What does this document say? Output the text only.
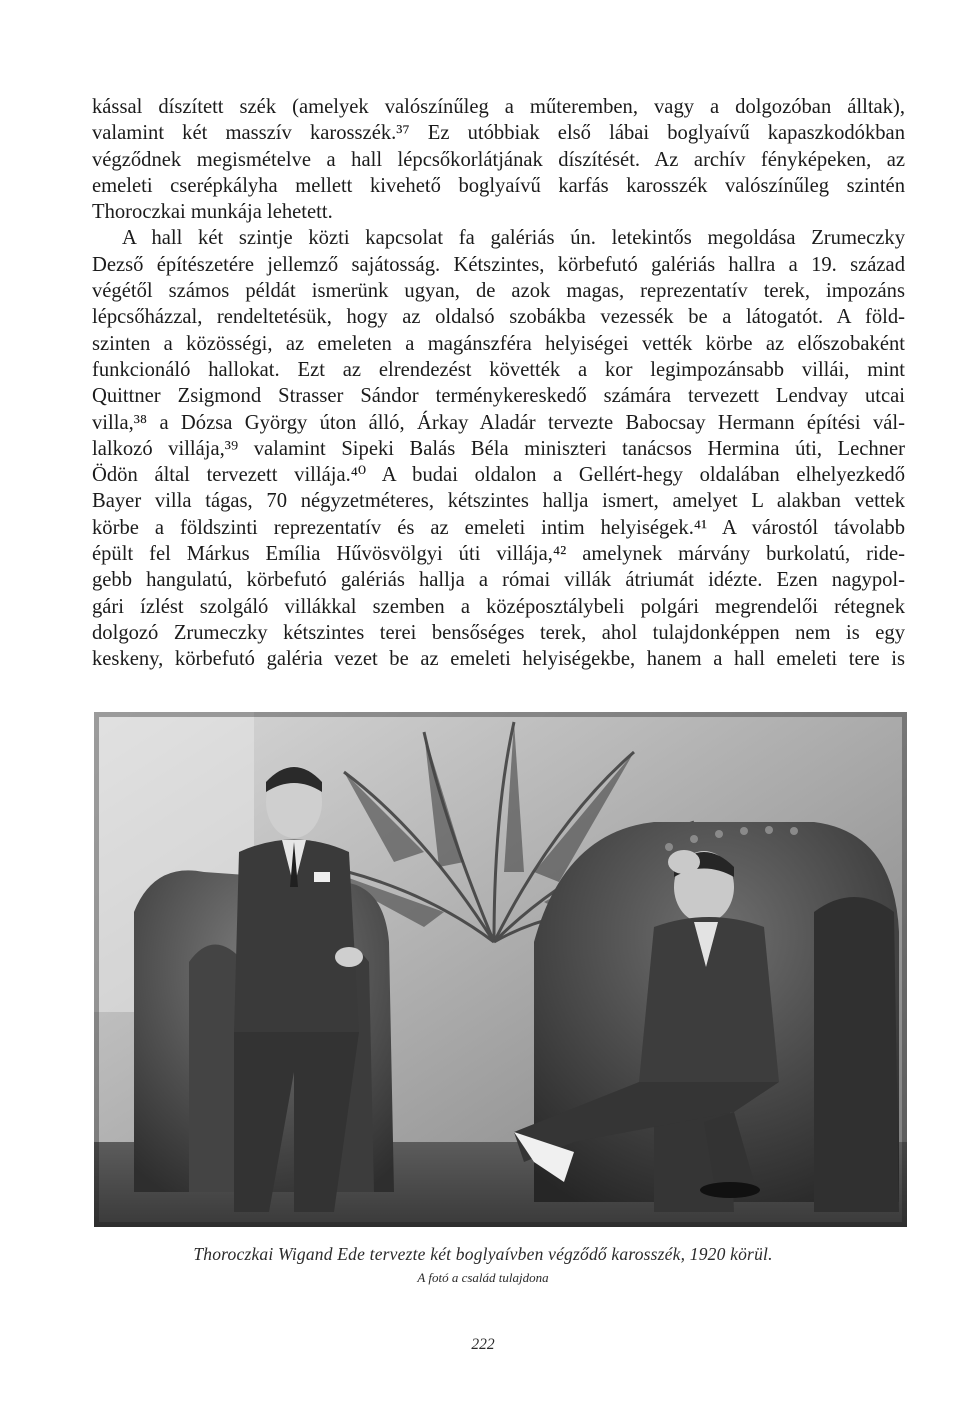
kással díszített szék (amelyek valószínűleg a műteremben, vagy a dolgozóban álltak),
valamint két masszív karosszék.³⁷ Ez utóbbiak első lábai boglyaívű kapaszkodókban
végződnek megismételve a hall lépcsőkorlátjának díszítését. Az archív fényképeken, az
emeleti cserépkályha mellett kivehető boglyaívű karfás karosszék valószínűleg szintén
Thoroczkai munkája lehetett.
A hall két szintje közti kapcsolat fa galériás ún. letekintős megoldása Zrumeczky
Dezső építészetére jellemző sajátosság. Kétszintes, körbefutó galériás hallra a 19. század
végétől számos példát ismerünk ugyan, de azok magas, reprezentatív terek, impozáns
lépcsőházzal, rendeltetésük, hogy az oldalsó szobákba vezessék be a látogatót. A föld-
szinten a közösségi, az emeleten a magánszféra helyiségei vették körbe az előszobaként
funkcionáló hallokat. Ezt az elrendezést követték a kor legimpozánsabb villái, mint
Quittner Zsigmond Strasser Sándor terménykereskedő számára tervezett Lendvay utcai
villa,³⁸ a Dózsa György úton álló, Árkay Aladár tervezte Babocsay Hermann építési vál-
lalkozó villája,³⁹ valamint Sipeki Balás Béla miniszteri tanácsos Hermina úti, Lechner
Ödön által tervezett villája.⁴⁰ A budai oldalon a Gellért-hegy oldalában elhelyezkedő
Bayer villa tágas, 70 négyzetméteres, kétszintes hallja ismert, amelyet L alakban vettek
körbe a földszinti reprezentatív és az emeleti intim helyiségek.⁴¹ A várostól távolabb
épült fel Márkus Emília Hűvösvölgyi úti villája,⁴² amelynek márvány burkolatú, ride-
gebb hangulatú, körbefutó galériás hallja a római villák átriumát idézte. Ezen nagypol-
gári ízlést szolgáló villákkal szemben a középosztálybeli polgári megrendelői rétegnek
dolgozó Zrumeczky kétszintes terei bensőséges terek, ahol tulajdonképpen nem is egy
keskeny, körbefutó galéria vezet be az emeleti helyiségekbe, hanem a hall emeleti tere is
Thoroczkai Wigand Ede tervezte két boglyaívben végződő karosszék, 1920 körül.
A fotó a család tulajdona
222
